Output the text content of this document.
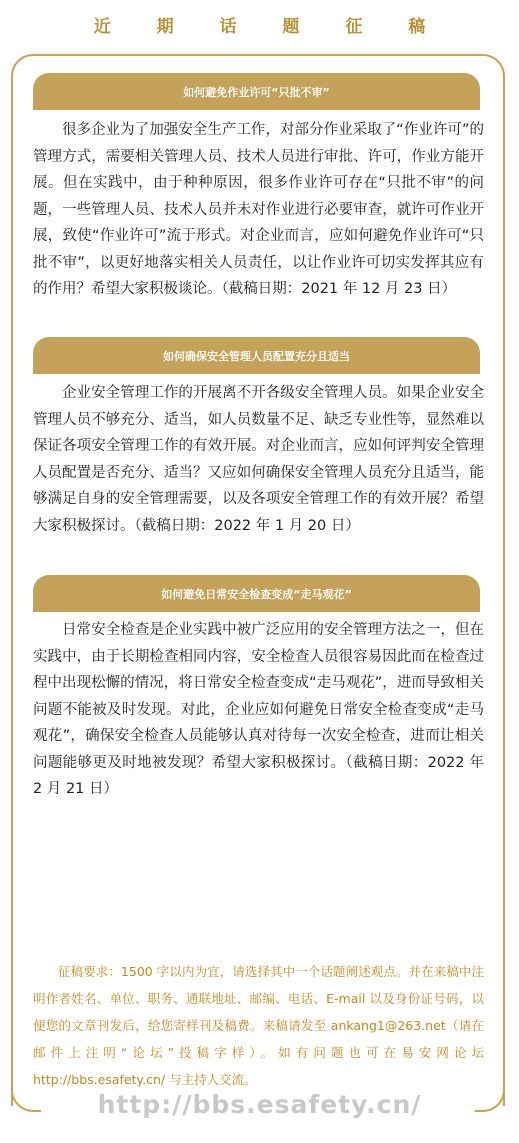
近 期 话 题 征 稿
如何避免作业许可“只批不审”

很多企业为了加强安全生产工作，对部分作业采取了“作业许可”的管理方式，需要相关管理人员、技术人员进行审批、许可，作业方能开展。但在实践中，由于种种原因，很多作业许可存在“只批不审”的问题，一些管理人员、技术人员并未对作业进行必要审查，就许可作业开展，致使“作业许可”流于形式。对企业而言，应如何避免作业许可“只批不审”，以更好地落实相关人员责任，以让作业许可切实发挥其应有的作用？希望大家积极谈论。（截稿日期：2021 年 12 月 23 日）

如何确保安全管理人员配置充分且适当

企业安全管理工作的开展离不开各级安全管理人员。如果企业安全管理人员不够充分、适当，如人员数量不足、缺乏专业性等，显然难以保证各项安全管理工作的有效开展。对企业而言，应如何评判安全管理人员配置是否充分、适当？又应如何确保安全管理人员充分且适当，能够满足自身的安全管理需要，以及各项安全管理工作的有效开展？希望大家积极探讨。（截稿日期：2022 年 1 月 20 日）

如何避免日常安全检查变成“走马观花”

日常安全检查是企业实践中被广泛应用的安全管理方法之一，但在实践中，由于长期检查相同内容，安全检查人员很容易因此而在检查过程中出现松懈的情况，将日常安全检查变成“走马观花”，进而导致相关问题不能被及时发现。对此，企业应如何避免日常安全检查变成“走马观花”，确保安全检查人员能够认真对待每一次安全检查，进而让相关问题能够更及时地被发现？希望大家积极探讨。（截稿日期：2022 年 2 月 21 日）

征稿要求：1500 字以内为宜，请选择其中一个话题阐述观点。并在来稿中注明作者姓名、单位、职务、通联地址、邮编、电话、E-mail 以及身份证号码，以便您的文章刊发后，给您寄样刊及稿费。来稿请发至 ankang1@263.net（请在邮件上注明“论坛”投稿字样）。如有问题也可在易安网论坛 http://bbs.esafety.cn/ 与主持人交流。

http://bbs.esafety.cn/
